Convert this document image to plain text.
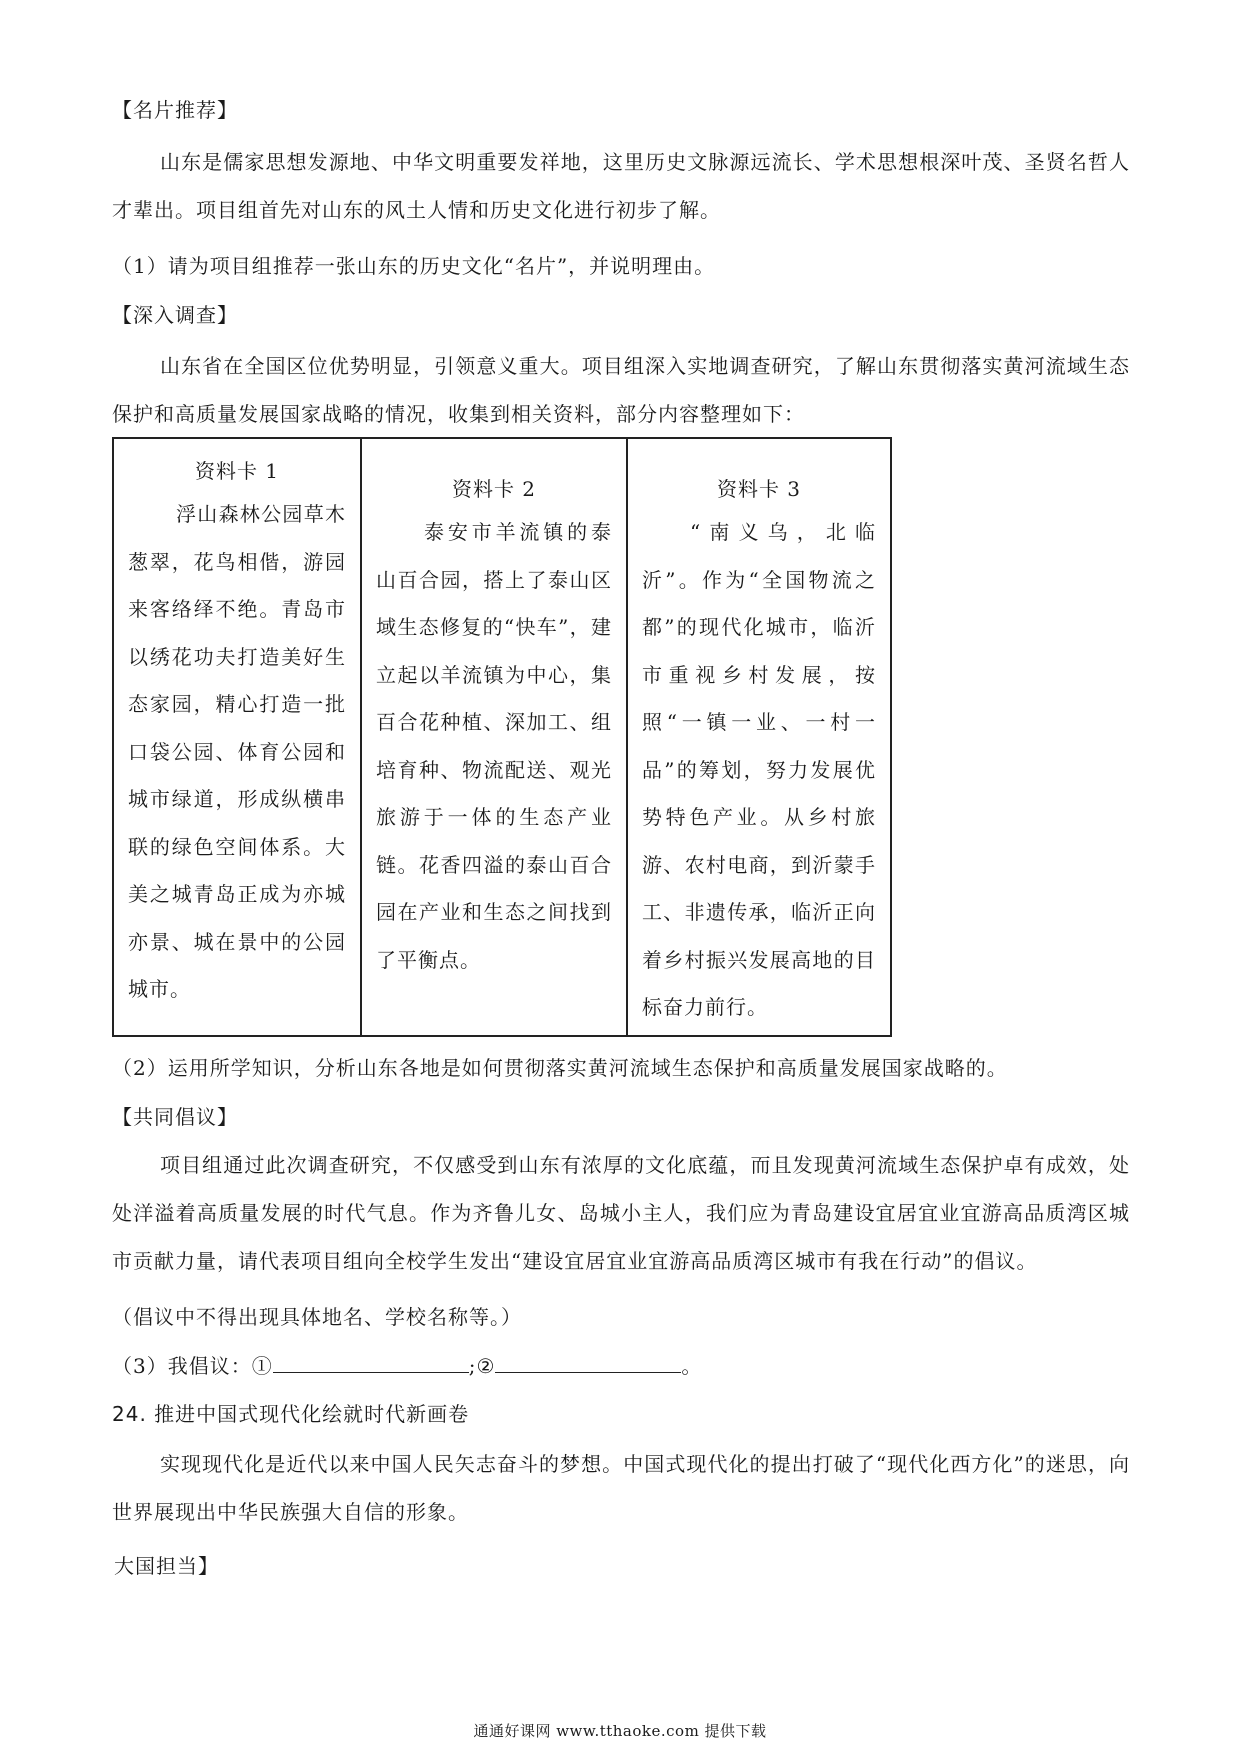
【名片推荐】
山东是儒家思想发源地、中华文明重要发祥地，这里历史文脉源远流长、学术思想根深叶茂、圣贤名哲人才辈出。项目组首先对山东的风土人情和历史文化进行初步了解。
（1）请为项目组推荐一张山东的历史文化“名片”，并说明理由。
【深入调查】
山东省在全国区位优势明显，引领意义重大。项目组深入实地调查研究，了解山东贯彻落实黄河流域生态保护和高质量发展国家战略的情况，收集到相关资料，部分内容整理如下：
资料卡 1
浮山森林公园草木葱翠，花鸟相偕，游园来客络绎不绝。青岛市以绣花功夫打造美好生态家园，精心打造一批口袋公园、体育公园和城市绿道，形成纵横串联的绿色空间体系。大美之城青岛正成为亦城亦景、城在景中的公园城市。
资料卡 2
泰安市羊流镇的泰山百合园，搭上了泰山区域生态修复的“快车”，建立起以羊流镇为中心，集百合花种植、深加工、组培育种、物流配送、观光旅游于一体的生态产业链。花香四溢的泰山百合园在产业和生态之间找到了平衡点。
资料卡 3
“南义乌，北临沂”。作为“全国物流之都”的现代化城市，临沂市重视乡村发展，按照“一镇一业、一村一品”的筹划，努力发展优势特色产业。从乡村旅游、农村电商，到沂蒙手工、非遗传承，临沂正向着乡村振兴发展高地的目标奋力前行。
（2）运用所学知识，分析山东各地是如何贯彻落实黄河流域生态保护和高质量发展国家战略的。
【共同倡议】
项目组通过此次调查研究，不仅感受到山东有浓厚的文化底蕴，而且发现黄河流域生态保护卓有成效，处处洋溢着高质量发展的时代气息。作为齐鲁儿女、岛城小主人，我们应为青岛建设宜居宜业宜游高品质湾区城市贡献力量，请代表项目组向全校学生发出“建设宜居宜业宜游高品质湾区城市有我在行动”的倡议。
（倡议中不得出现具体地名、学校名称等。）
（3）我倡议：①	;②	。
24. 推进中国式现代化绘就时代新画卷
实现现代化是近代以来中国人民矢志奋斗的梦想。中国式现代化的提出打破了“现代化西方化”的迷思，向世界展现出中华民族强大自信的形象。
大国担当】
通通好课网 www.tthaoke.com 提供下载
